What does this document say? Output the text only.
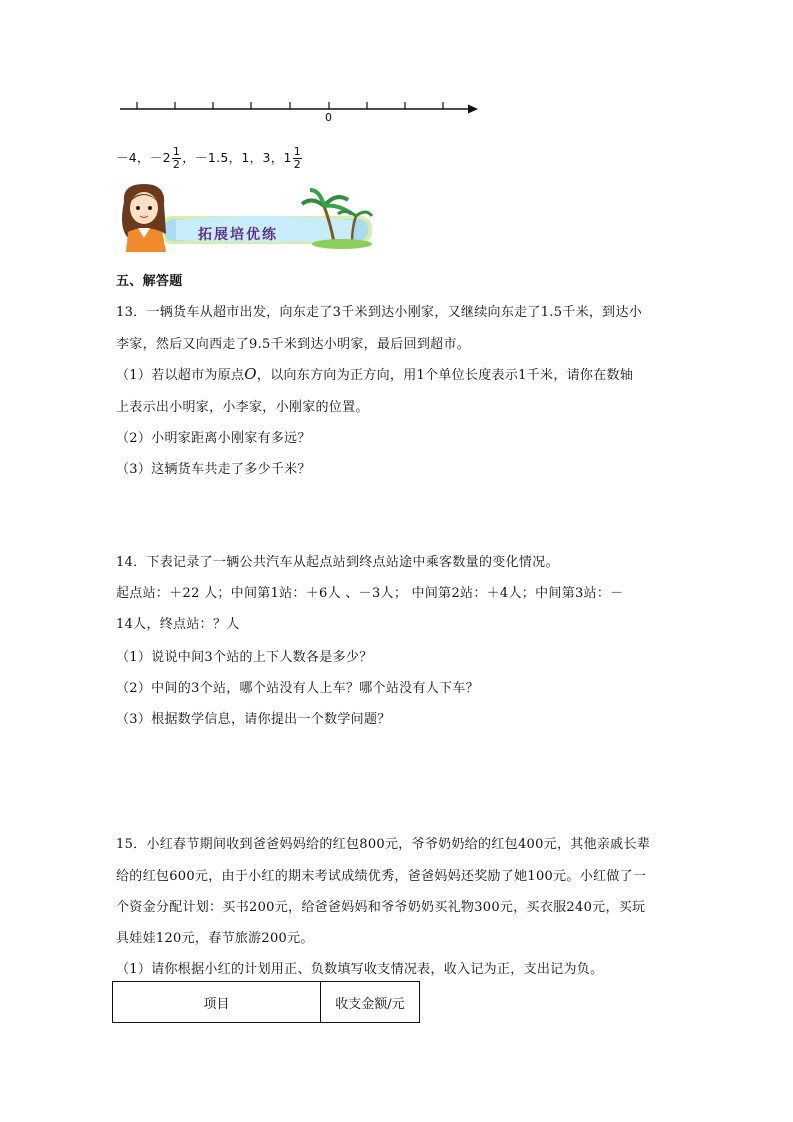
0
－4，$-2 \frac{1}{2}$ ，－1.5，1，3，$1 \frac{1}{2}$
拓展培优练
五、解答题
13．一辆货车从超市出发，向东走了3千米到达小刚家，又继续向东走了1.5千米，到达小
李家，然后又向西走了9.5千米到达小明家，最后回到超市。
（1）若以超市为原点O，以向东方向为正方向，用1个单位长度表示1千米，请你在数轴
上表示出小明家，小李家，小刚家的位置。
（2）小明家距离小刚家有多远？
（3）这辆货车共走了多少千米？
14．下表记录了一辆公共汽车从起点站到终点站途中乘客数量的变化情况。
起点站：＋22 人；中间第1站：＋6人 、－3人； 中间第2站：＋4人；中间第3站：－
14人，终点站：？人
（1）说说中间3个站的上下人数各是多少？
（2）中间的3个站，哪个站没有人上车？哪个站没有人下车？
（3）根据数学信息，请你提出一个数学问题？
15．小红春节期间收到爸爸妈妈给的红包800元，爷爷奶奶给的红包400元，其他亲戚长辈
给的红包600元，由于小红的期末考试成绩优秀，爸爸妈妈还奖励了她100元。小红做了一
个资金分配计划：买书200元，给爸爸妈妈和爷爷奶奶买礼物300元，买衣服240元，买玩
具娃娃120元，春节旅游200元。
（1）请你根据小红的计划用正、负数填写收支情况表，收入记为正，支出记为负。
项目	收支金额/元
